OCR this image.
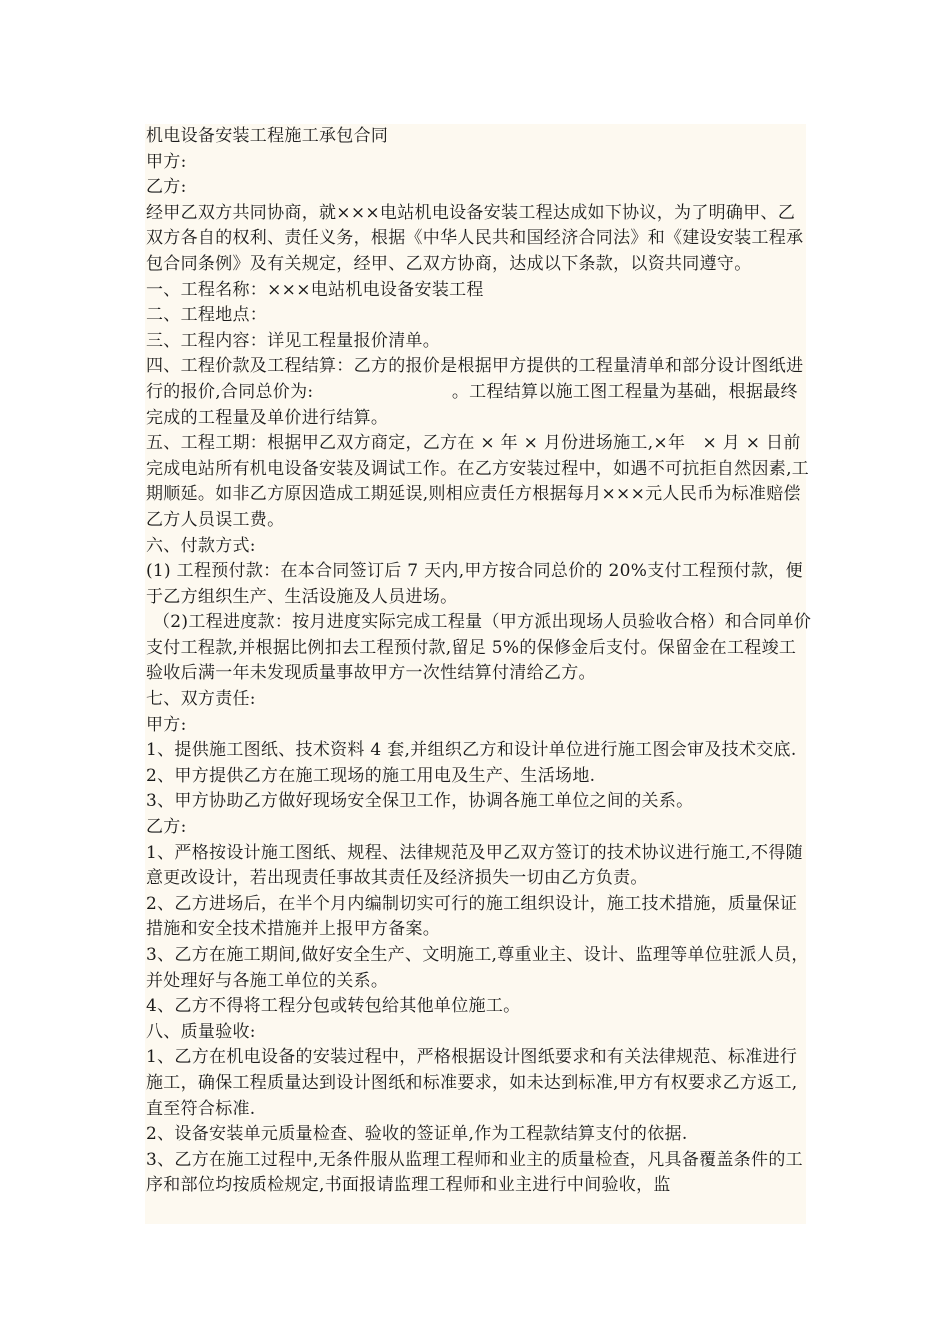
机电设备安装工程施工承包合同

甲方:

乙方:

经甲乙双方共同协商，就×××电站机电设备安装工程达成如下协议，为了明确甲、乙双方各自的权利、责任义务，根据《中华人民共和国经济合同法》和《建设安装工程承包合同条例》及有关规定，经甲、乙双方协商，达成以下条款，以资共同遵守。

一、工程名称：×××电站机电设备安装工程

二、工程地点：

三、工程内容：详见工程量报价清单。

四、工程价款及工程结算：乙方的报价是根据甲方提供的工程量清单和部分设计图纸进行的报价,合同总价为:　　　　　　　　。工程结算以施工图工程量为基础，根据最终完成的工程量及单价进行结算。

五、工程工期：根据甲乙双方商定，乙方在 × 年 × 月份进场施工,×年　× 月 × 日前完成电站所有机电设备安装及调试工作。在乙方安装过程中，如遇不可抗拒自然因素,工期顺延。如非乙方原因造成工期延误,则相应责任方根据每月×××元人民币为标准赔偿乙方人员误工费。

六、付款方式:

(1) 工程预付款：在本合同签订后 7 天内,甲方按合同总价的 20%支付工程预付款，便于乙方组织生产、生活设施及人员进场。

（2)工程进度款：按月进度实际完成工程量（甲方派出现场人员验收合格）和合同单价支付工程款,并根据比例扣去工程预付款,留足 5%的保修金后支付。保留金在工程竣工验收后满一年未发现质量事故甲方一次性结算付清给乙方。

七、双方责任:

甲方:

1、提供施工图纸、技术资料 4 套,并组织乙方和设计单位进行施工图会审及技术交底.

2、甲方提供乙方在施工现场的施工用电及生产、生活场地.

3、甲方协助乙方做好现场安全保卫工作，协调各施工单位之间的关系。

乙方:

1、严格按设计施工图纸、规程、法律规范及甲乙双方签订的技术协议进行施工,不得随意更改设计，若出现责任事故其责任及经济损失一切由乙方负责。

2、乙方进场后，在半个月内编制切实可行的施工组织设计，施工技术措施，质量保证措施和安全技术措施并上报甲方备案。

3、乙方在施工期间,做好安全生产、文明施工,尊重业主、设计、监理等单位驻派人员，并处理好与各施工单位的关系。

4、乙方不得将工程分包或转包给其他单位施工。

八、质量验收:

1、乙方在机电设备的安装过程中，严格根据设计图纸要求和有关法律规范、标准进行施工，确保工程质量达到设计图纸和标准要求，如未达到标准,甲方有权要求乙方返工,直至符合标准.

2、设备安装单元质量检查、验收的签证单,作为工程款结算支付的依据.

3、乙方在施工过程中,无条件服从监理工程师和业主的质量检查，凡具备覆盖条件的工序和部位均按质检规定,书面报请监理工程师和业主进行中间验收，监
